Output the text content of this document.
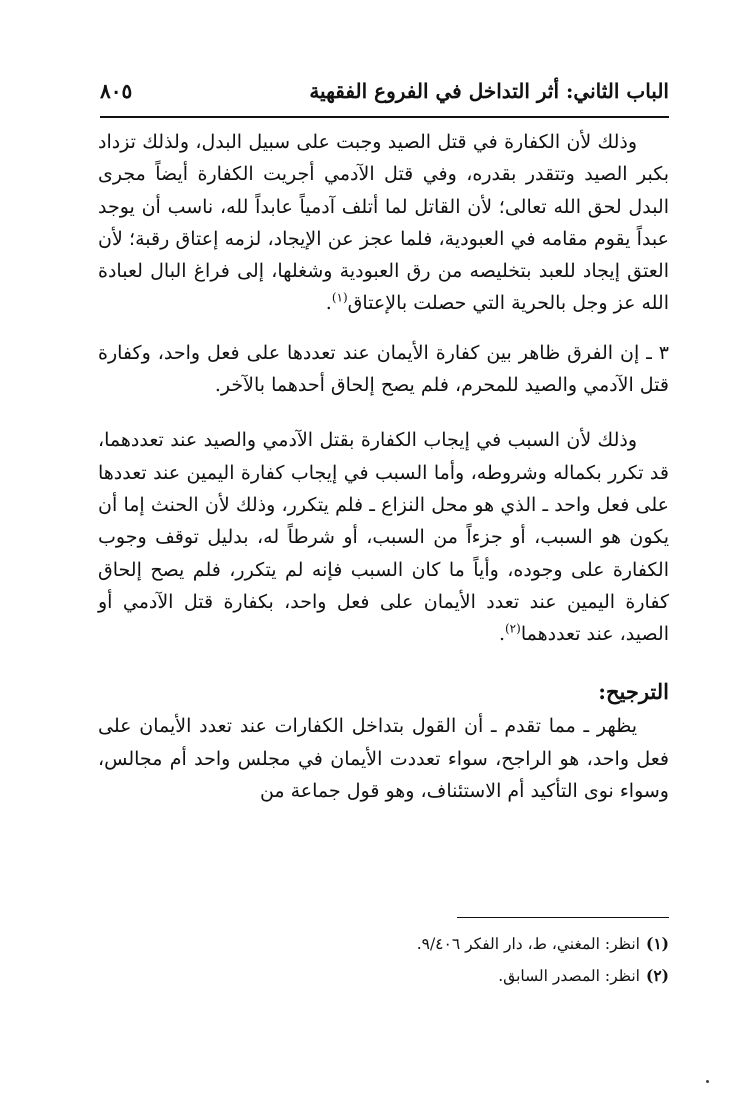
الباب الثاني: أثر التداخل في الفروع الفقهية
٨٠٥

وذلك لأن الكفارة في قتل الصيد وجبت على سبيل البدل، ولذلك تزداد بكبر الصيد وتتقدر بقدره، وفي قتل الآدمي أجريت الكفارة أيضاً مجرى البدل لحق الله تعالى؛ لأن القاتل لما أتلف آدمياً عابداً لله، ناسب أن يوجد عبداً يقوم مقامه في العبودية، فلما عجز عن الإيجاد، لزمه إعتاق رقبة؛ لأن العتق إيجاد للعبد بتخليصه من رق العبودية وشغلها، إلى فراغ البال لعبادة الله عز وجل بالحرية التي حصلت بالإعتاق$^{(١)}$.

٣ ـ إن الفرق ظاهر بين كفارة الأيمان عند تعددها على فعل واحد، وكفارة قتل الآدمي والصيد للمحرم، فلم يصح إلحاق أحدهما بالآخر.

وذلك لأن السبب في إيجاب الكفارة بقتل الآدمي والصيد عند تعددهما، قد تكرر بكماله وشروطه، وأما السبب في إيجاب كفارة اليمين عند تعددها على فعل واحد ـ الذي هو محل النزاع ـ فلم يتكرر، وذلك لأن الحنث إما أن يكون هو السبب، أو جزءاً من السبب، أو شرطاً له، بدليل توقف وجوب الكفارة على وجوده، وأياً ما كان السبب فإنه لم يتكرر، فلم يصح إلحاق كفارة اليمين عند تعدد الأيمان على فعل واحد، بكفارة قتل الآدمي أو الصيد، عند تعددهما$^{(٢)}$.

الترجيح:

يظهر ـ مما تقدم ـ أن القول بتداخل الكفارات عند تعدد الأيمان على فعل واحد، هو الراجح، سواء تعددت الأيمان في مجلس واحد أم مجالس، وسواء نوى التأكيد أم الاستئناف، وهو قول جماعة من

(١)انظر: المغني، ط، دار الفكر ٩/٤٠٦.

(٢)انظر: المصدر السابق.
